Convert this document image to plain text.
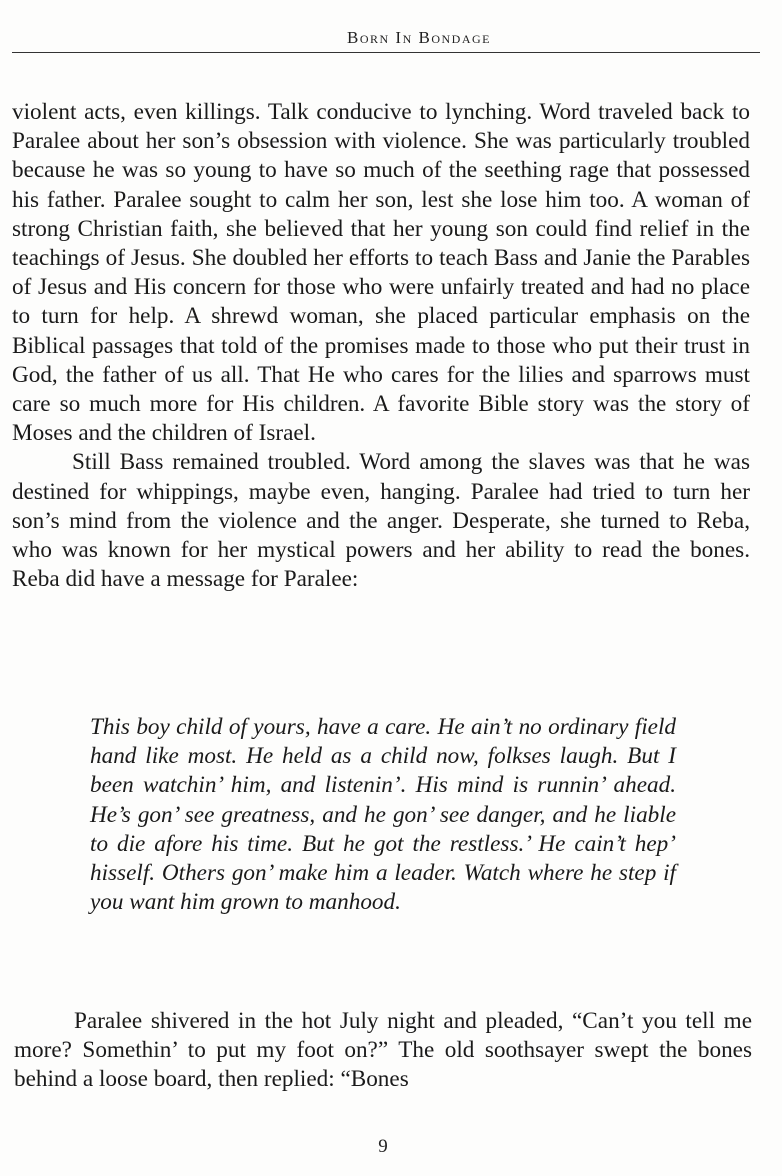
Born In Bondage

violent acts, even killings. Talk conducive to lynching. Word traveled back to Paralee about her son’s obsession with violence. She was particularly troubled because he was so young to have so much of the seething rage that possessed his father. Paralee sought to calm her son, lest she lose him too. A woman of strong Christian faith, she believed that her young son could find relief in the teachings of Jesus. She doubled her efforts to teach Bass and Janie the Parables of Jesus and His concern for those who were unfairly treated and had no place to turn for help. A shrewd woman, she placed particular emphasis on the Biblical passages that told of the promises made to those who put their trust in God, the father of us all. That He who cares for the lilies and sparrows must care so much more for His children. A favorite Bible story was the story of Moses and the children of Israel.

Still Bass remained troubled. Word among the slaves was that he was destined for whippings, maybe even, hanging. Paralee had tried to turn her son’s mind from the violence and the anger. Desperate, she turned to Reba, who was known for her mystical powers and her ability to read the bones. Reba did have a message for Paralee:

This boy child of yours, have a care. He ain’t no ordinary field hand like most. He held as a child now, folkses laugh. But I been watchin’ him, and listenin’. His mind is runnin’ ahead. He’s gon’ see greatness, and he gon’ see danger, and he liable to die afore his time. But he got the restless.’ He cain’t hep’ hisself. Others gon’ make him a leader. Watch where he step if you want him grown to manhood.

Paralee shivered in the hot July night and pleaded, “Can’t you tell me more? Somethin’ to put my foot on?” The old soothsayer swept the bones behind a loose board, then replied: “Bones

9
